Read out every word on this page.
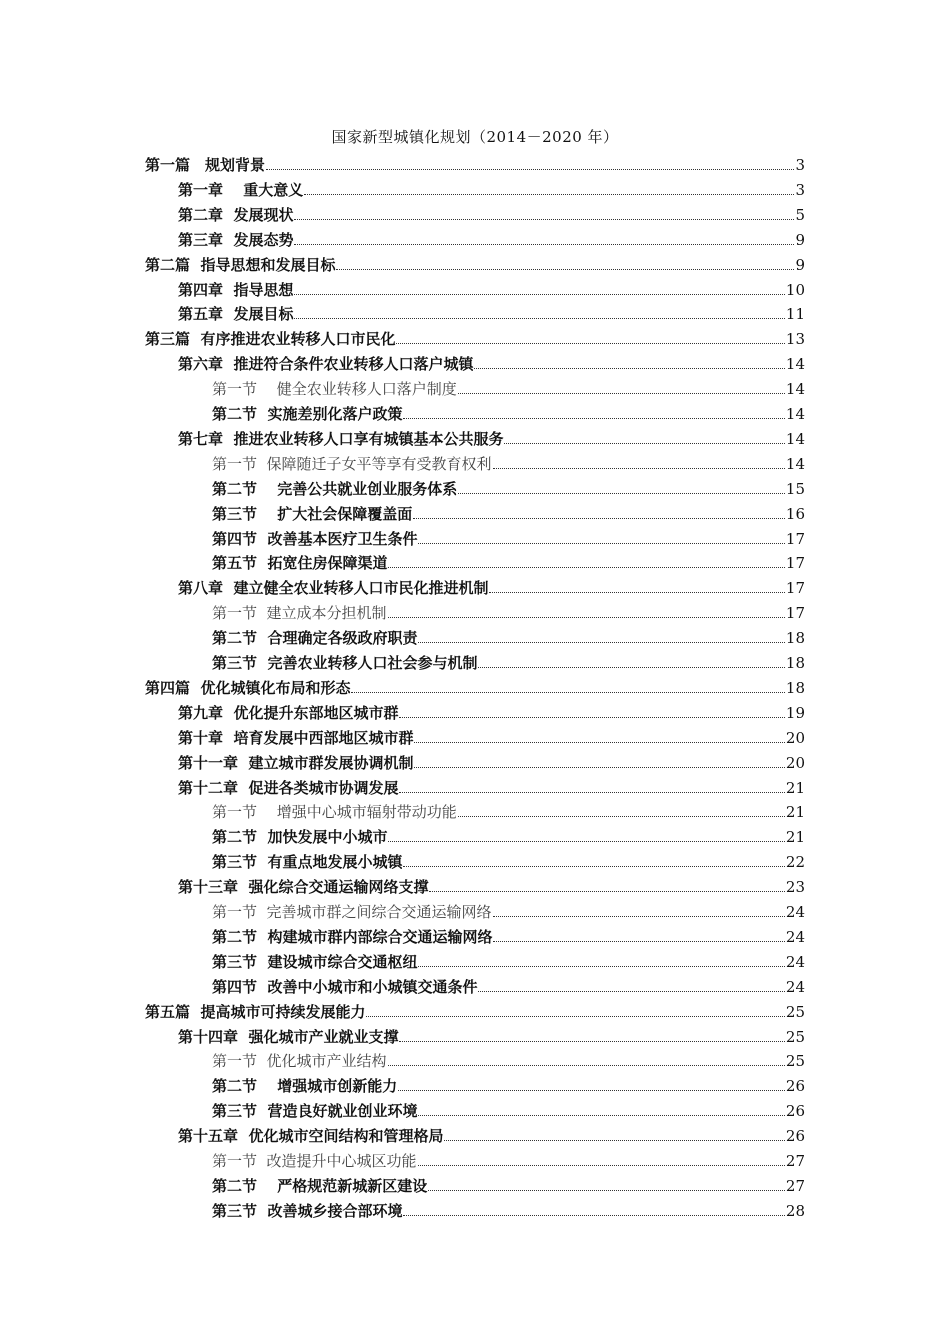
国家新型城镇化规划（2014－2020 年）
第一篇　规划背景	3
第一章　 重大意义	3
第二章  发展现状	5
第三章  发展态势	9
第二篇  指导思想和发展目标	9
第四章  指导思想	10
第五章  发展目标	11
第三篇  有序推进农业转移人口市民化	13
第六章  推进符合条件农业转移人口落户城镇	14
第一节　 健全农业转移人口落户制度	14
第二节  实施差别化落户政策	14
第七章  推进农业转移人口享有城镇基本公共服务	14
第一节  保障随迁子女平等享有受教育权利	14
第二节　 完善公共就业创业服务体系	15
第三节　 扩大社会保障覆盖面	16
第四节  改善基本医疗卫生条件	17
第五节  拓宽住房保障渠道	17
第八章  建立健全农业转移人口市民化推进机制	17
第一节  建立成本分担机制	17
第二节  合理确定各级政府职责	18
第三节  完善农业转移人口社会参与机制	18
第四篇  优化城镇化布局和形态	18
第九章  优化提升东部地区城市群	19
第十章  培育发展中西部地区城市群	20
第十一章  建立城市群发展协调机制	20
第十二章  促进各类城市协调发展	21
第一节　 增强中心城市辐射带动功能	21
第二节  加快发展中小城市	21
第三节  有重点地发展小城镇	22
第十三章  强化综合交通运输网络支撑	23
第一节  完善城市群之间综合交通运输网络	24
第二节  构建城市群内部综合交通运输网络	24
第三节  建设城市综合交通枢纽	24
第四节  改善中小城市和小城镇交通条件	24
第五篇  提高城市可持续发展能力	25
第十四章  强化城市产业就业支撑	25
第一节  优化城市产业结构	25
第二节　 增强城市创新能力	26
第三节  营造良好就业创业环境	26
第十五章  优化城市空间结构和管理格局	26
第一节  改造提升中心城区功能	27
第二节　 严格规范新城新区建设	27
第三节  改善城乡接合部环境	28
